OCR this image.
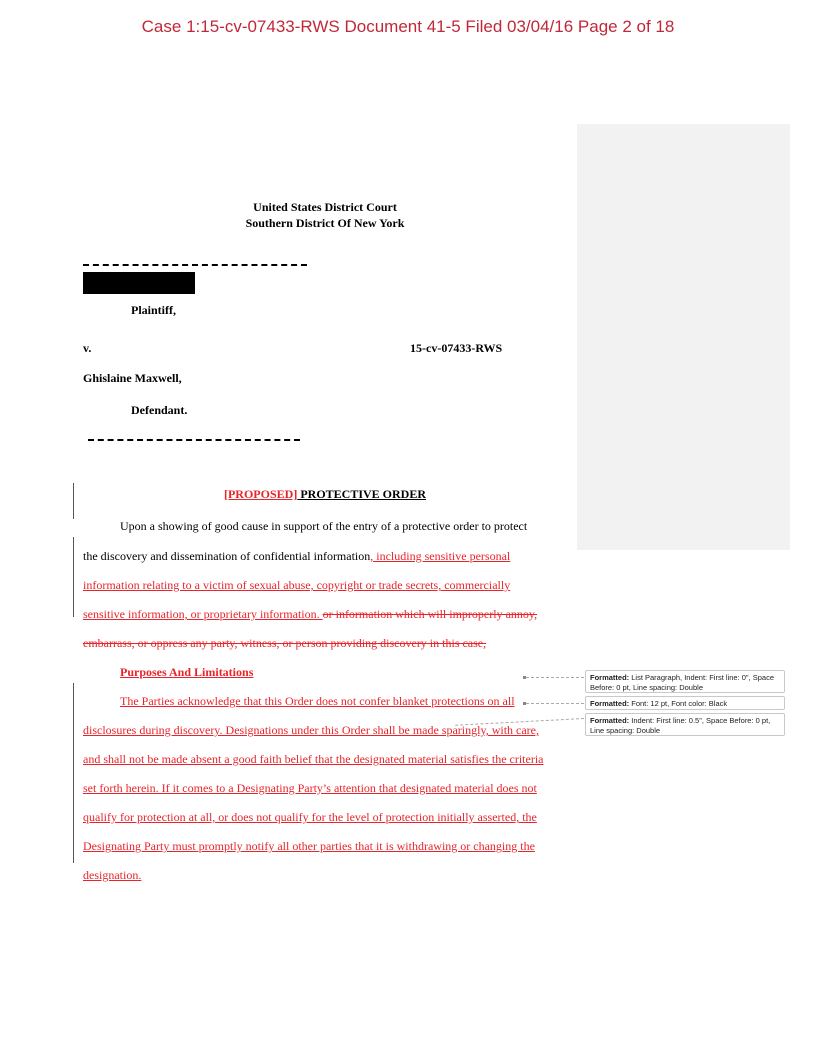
Case 1:15-cv-07433-RWS Document 41-5 Filed 03/04/16 Page 2 of 18
United States District Court
Southern District Of New York
Plaintiff,
v.	15-cv-07433-RWS
Ghislaine Maxwell,
Defendant.
[PROPOSED] PROTECTIVE ORDER
Upon a showing of good cause in support of the entry of a protective order to protect
the discovery and dissemination of confidential information, including sensitive personal
information relating to a victim of sexual abuse, copyright or trade secrets, commercially
sensitive information, or proprietary information. or information which will improperly annoy,
embarrass, or oppress any party, witness, or person providing discovery in this case,
Purposes And Limitations
The Parties acknowledge that this Order does not confer blanket protections on all
disclosures during discovery. Designations under this Order shall be made sparingly, with care,
and shall not be made absent a good faith belief that the designated material satisfies the criteria
set forth herein. If it comes to a Designating Party’s attention that designated material does not
qualify for protection at all, or does not qualify for the level of protection initially asserted, the
Designating Party must promptly notify all other parties that it is withdrawing or changing the
designation.
Formatted: List Paragraph, Indent: First line: 0", Space Before: 0 pt, Line spacing: Double
Formatted: Font: 12 pt, Font color: Black
Formatted: Indent: First line: 0.5", Space Before: 0 pt, Line spacing: Double
